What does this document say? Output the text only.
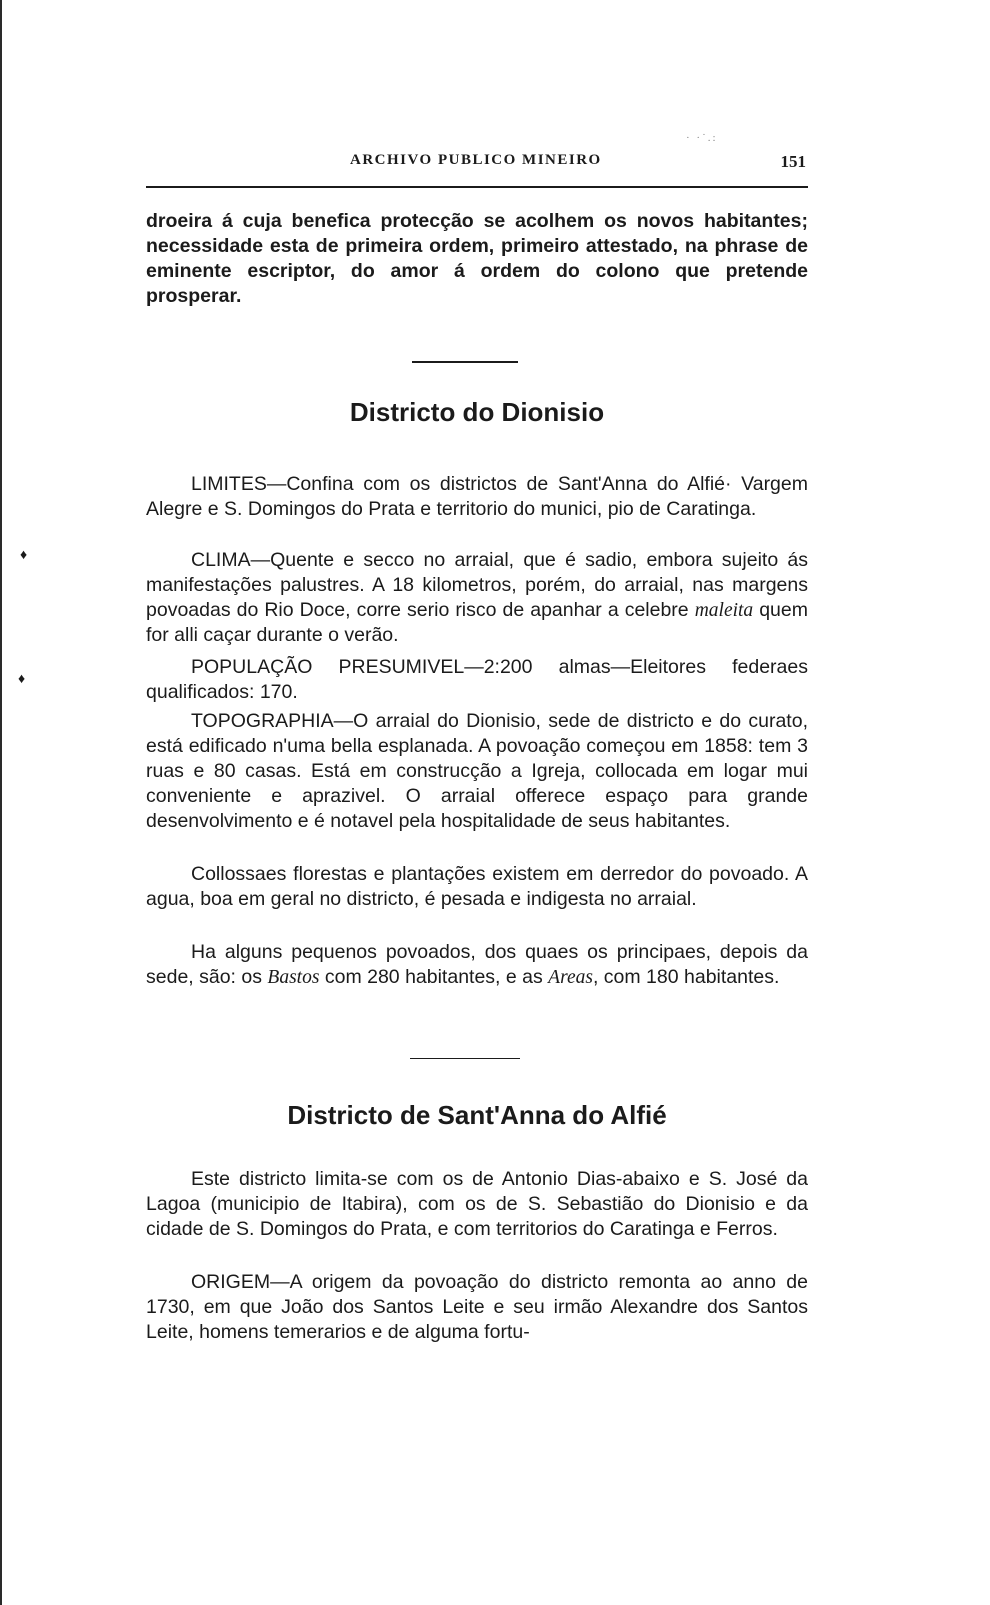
· ·˙.:
ARCHIVO PUBLICO MINEIRO	151

droeira á cuja benefica protecção se acolhem os novos habitantes; necessidade esta de primeira ordem, primeiro attestado, na phrase de eminente escriptor, do amor á ordem do colono que pretende prosperar.

Districto do Dionisio

LIMITES—Confina com os districtos de Sant'Anna do Alfié· Vargem Alegre e S. Domingos do Prata e territorio do munici, pio de Caratinga.

♦	CLIMA—Quente e secco no arraial, que é sadio, embora sujeito ás manifestações palustres. A 18 kilometros, porém, do arraial, nas margens povoadas do Rio Doce, corre serio risco de apanhar a celebre maleita quem for alli caçar durante o verão.

♦

POPULAÇÃO PRESUMIVEL—2:200 almas—Eleitores federaes qualificados: 170.

TOPOGRAPHIA—O arraial do Dionisio, sede de districto e do curato, está edificado n'uma bella esplanada. A povoação começou em 1858: tem 3 ruas e 80 casas. Está em construcção a Igreja, collocada em logar mui conveniente e aprazivel. O arraial offerece espaço para grande desenvolvimento e é notavel pela hospitalidade de seus habitantes.

Collossaes florestas e plantações existem em derredor do povoado. A agua, boa em geral no districto, é pesada e indigesta no arraial.

Ha alguns pequenos povoados, dos quaes os principaes, depois da sede, são: os Bastos com 280 habitantes, e as Areas, com 180 habitantes.

Districto de Sant'Anna do Alfié

Este districto limita-se com os de Antonio Dias-abaixo e S. José da Lagoa (municipio de Itabira), com os de S. Sebastião do Dionisio e da cidade de S. Domingos do Prata, e com territorios do Caratinga e Ferros.

ORIGEM—A origem da povoação do districto remonta ao anno de 1730, em que João dos Santos Leite e seu irmão Alexandre dos Santos Leite, homens temerarios e de alguma fortu-
